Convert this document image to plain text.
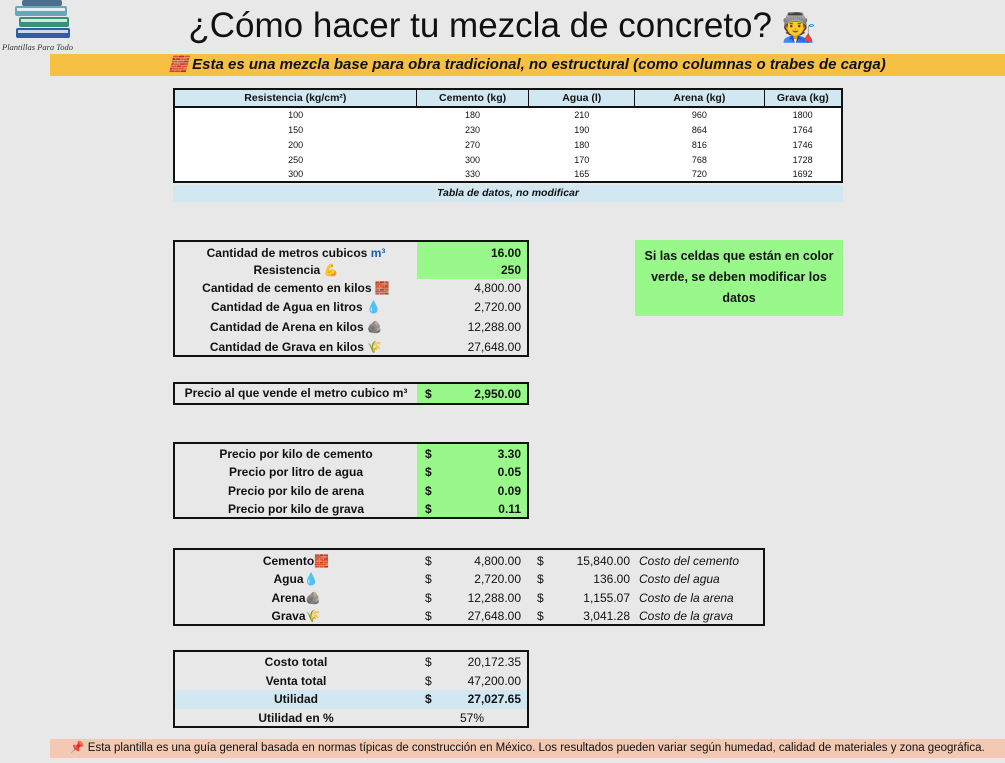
Plantillas Para Todo
¿Cómo hacer tu mezcla de concreto? 🧑‍🏭
🧱 Esta es una mezcla base para obra tradicional, no estructural (como columnas o trabes de carga)
Resistencia (kg/cm²)	Cemento (kg)	Agua (l)	Arena (kg)	Grava (kg)
100	180	210	960	1800
150	230	190	864	1764
200	270	180	816	1746
250	300	170	768	1728
300	330	165	720	1692
Tabla de datos, no modificar
Cantidad de metros cubicos m³	16.00
Resistencia 💪	250
Cantidad de cemento en kilos 🧱	4,800.00
Cantidad de Agua en litros 💧	2,720.00
Cantidad de Arena en kilos 🪨	12,288.00
Cantidad de Grava en kilos 🌾	27,648.00
Si las celdas que están en color verde, se deben modificar los datos
Precio al que vende el metro cubico m³	$	2,950.00
Precio por kilo de cemento	$	3.30
Precio por litro de agua	$	0.05
Precio por kilo de arena	$	0.09
Precio por kilo de grava	$	0.11
Cemento🧱	$	4,800.00	$	15,840.00 Costo del cemento
Agua💧	$	2,720.00	$	136.00 Costo del agua
Arena🪨	$	12,288.00	$	1,155.07 Costo de la arena
Grava🌾	$	27,648.00	$	3,041.28 Costo de la grava
Costo total	$	20,172.35
Venta total	$	47,200.00
Utilidad	$	27,027.65
Utilidad en %	57%
📌 Esta plantilla es una guía general basada en normas típicas de construcción en México. Los resultados pueden variar según humedad, calidad de materiales y zona geográfica.
